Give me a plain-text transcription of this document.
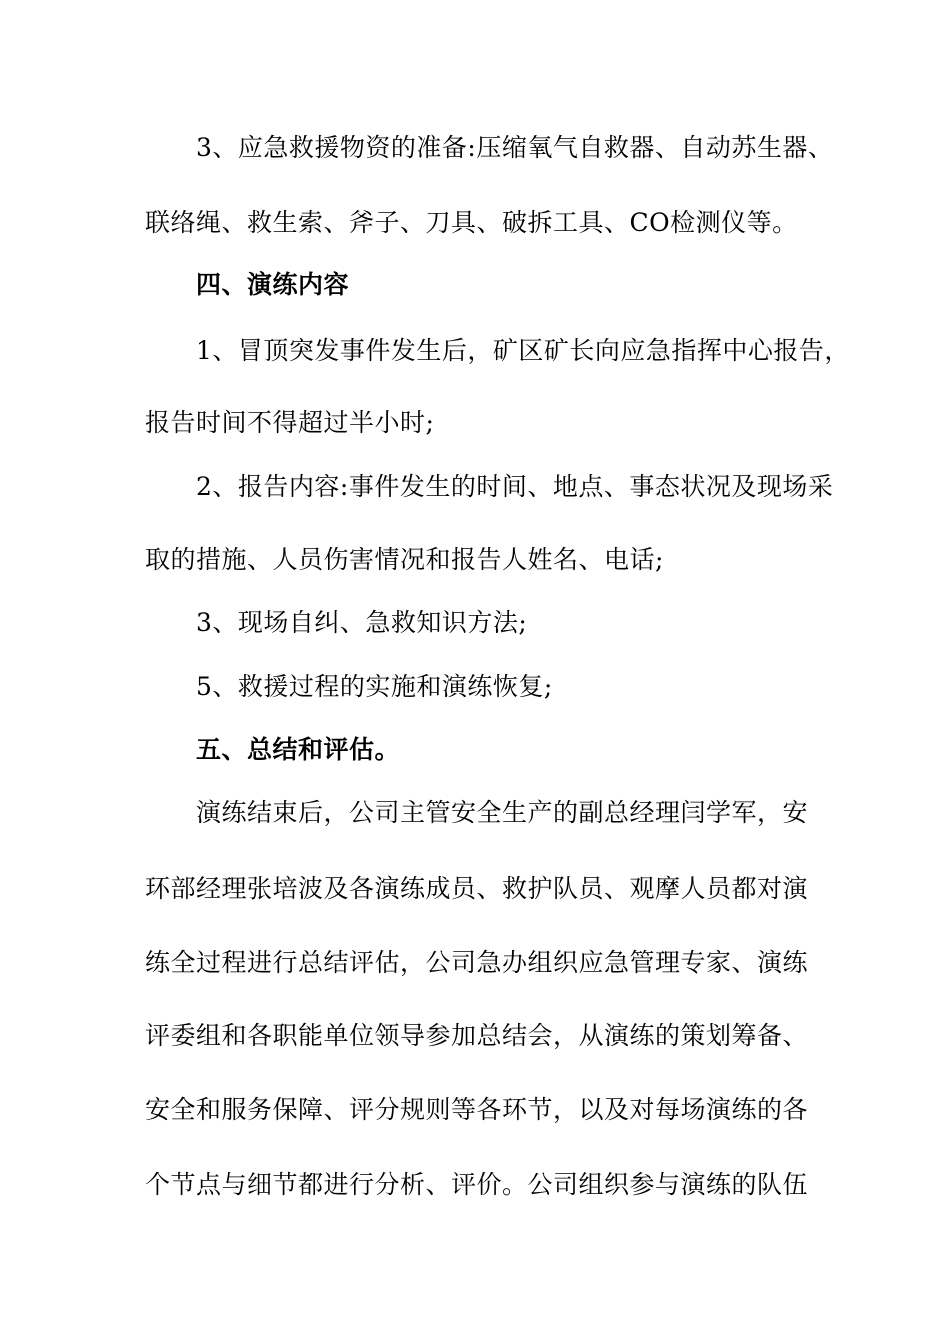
3、应急救援物资的准备:压缩氧气自救器、自动苏生器、
联络绳、救生索、斧子、刀具、破拆工具、CO检测仪等。
四、演练内容
1、冒顶突发事件发生后，矿区矿长向应急指挥中心报告，
报告时间不得超过半小时;
2、报告内容:事件发生的时间、地点、事态状况及现场采
取的措施、人员伤害情况和报告人姓名、电话;
3、现场自纠、急救知识方法;
5、救援过程的实施和演练恢复;
五、总结和评估。
演练结束后，公司主管安全生产的副总经理闫学军，安
环部经理张培波及各演练成员、救护队员、观摩人员都对演
练全过程进行总结评估，公司急办组织应急管理专家、演练
评委组和各职能单位领导参加总结会，从演练的策划筹备、
安全和服务保障、评分规则等各环节，以及对每场演练的各
个节点与细节都进行分析、评价。公司组织参与演练的队伍
